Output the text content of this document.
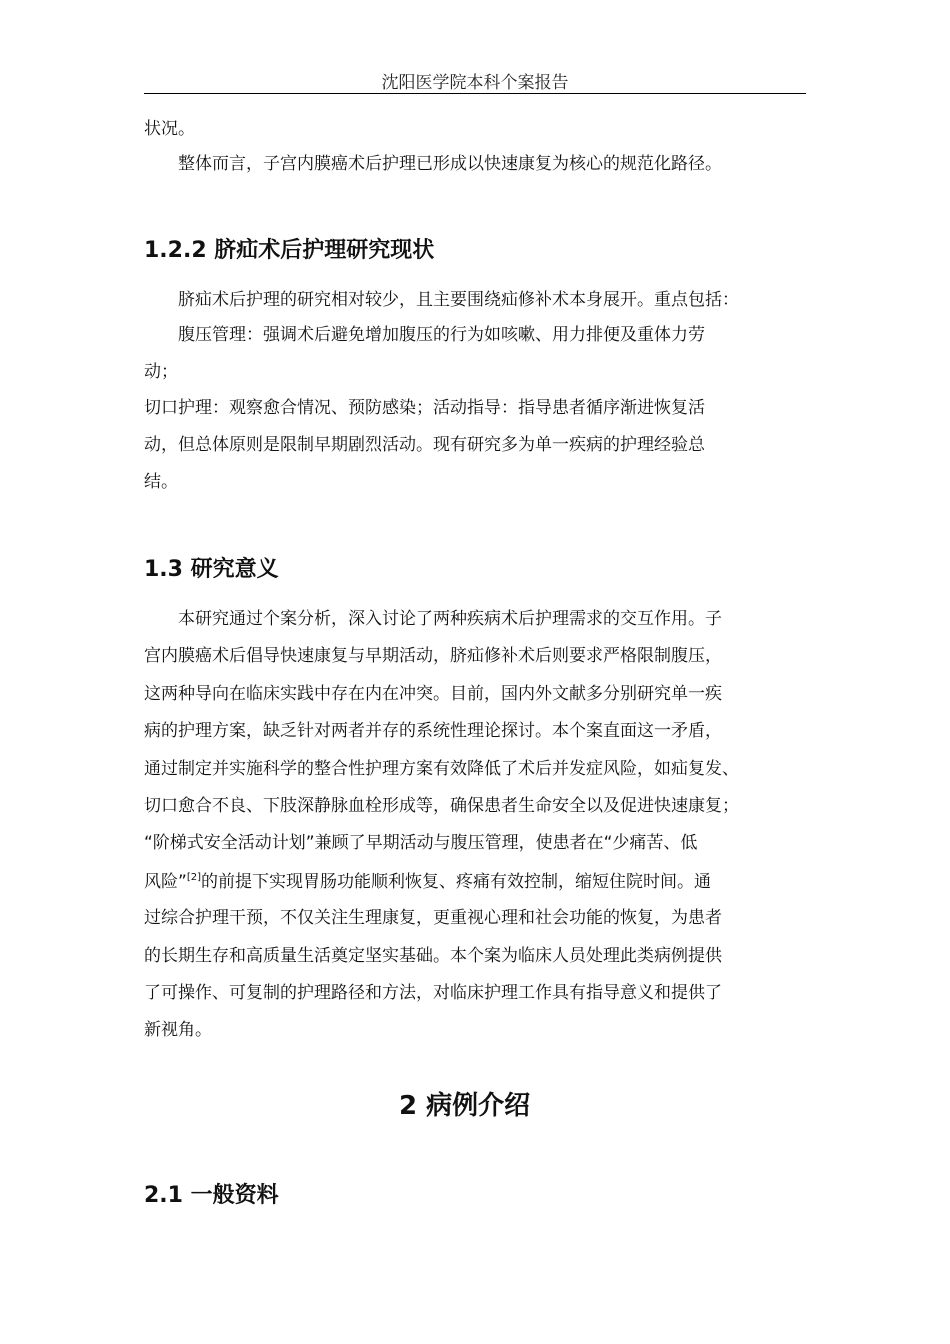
沈阳医学院本科个案报告
状况。
整体而言，子宫内膜癌术后护理已形成以快速康复为核心的规范化路径。
1.2.2 脐疝术后护理研究现状
脐疝术后护理的研究相对较少，且主要围绕疝修补术本身展开。重点包括：
腹压管理：强调术后避免增加腹压的行为如咳嗽、用力排便及重体力劳
动；
切口护理：观察愈合情况、预防感染；活动指导：指导患者循序渐进恢复活
动，但总体原则是限制早期剧烈活动。现有研究多为单一疾病的护理经验总
结。
1.3 研究意义
本研究通过个案分析，深入讨论了两种疾病术后护理需求的交互作用。子
宫内膜癌术后倡导快速康复与早期活动，脐疝修补术后则要求严格限制腹压，
这两种导向在临床实践中存在内在冲突。目前，国内外文献多分别研究单一疾
病的护理方案，缺乏针对两者并存的系统性理论探讨。本个案直面这一矛盾，
通过制定并实施科学的整合性护理方案有效降低了术后并发症风险，如疝复发、
切口愈合不良、下肢深静脉血栓形成等，确保患者生命安全以及促进快速康复；
“阶梯式安全活动计划”兼顾了早期活动与腹压管理，使患者在“少痛苦、低
风险”[2]的前提下实现胃肠功能顺利恢复、疼痛有效控制，缩短住院时间。通
过综合护理干预，不仅关注生理康复，更重视心理和社会功能的恢复，为患者
的长期生存和高质量生活奠定坚实基础。本个案为临床人员处理此类病例提供
了可操作、可复制的护理路径和方法，对临床护理工作具有指导意义和提供了
新视角。
2 病例介绍
2.1 一般资料
